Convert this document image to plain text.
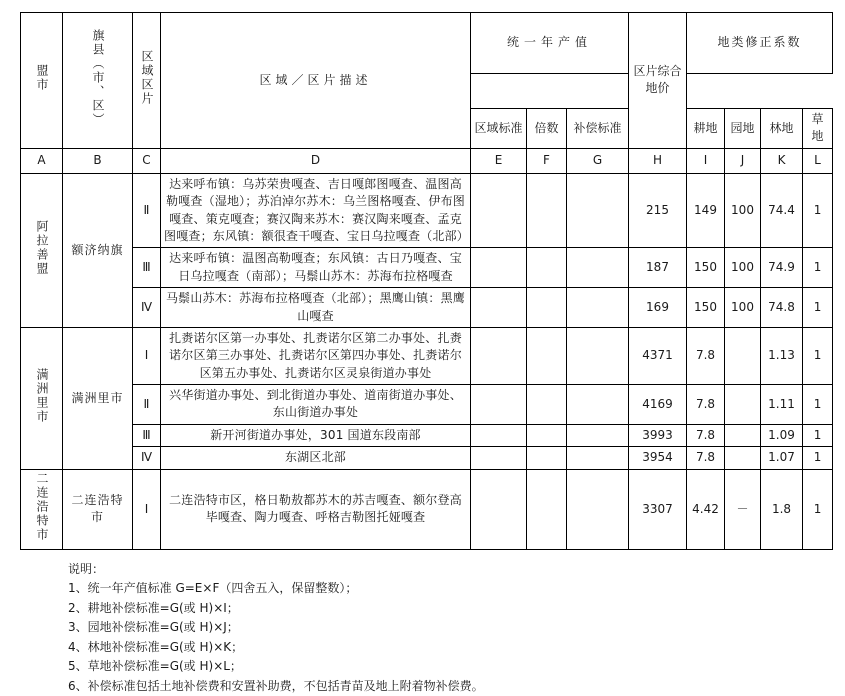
盟市	旗县（市、区）	区域区片	区域／区片描述	统一年产值			区片综合地价	地类修正系数			

				区域标准	倍数	补偿标准		耕地	园地	林地	草地
A	B	C	D	E	F	G	H	I	J	K	L
阿拉善盟	额济纳旗	Ⅱ	达来呼布镇：乌苏荣贵嘎查、吉日嘎郎图嘎查、温图高勒嘎查（湿地）；苏泊淖尔苏木：乌兰图格嘎查、伊布图嘎查、策克嘎查；赛汉陶来苏木：赛汉陶来嘎查、孟克图嘎查；东风镇：额很查干嘎查、宝日乌拉嘎查（北部）				215	149	100	74.4	1
		Ⅲ	达来呼布镇：温图高勒嘎查；东风镇：古日乃嘎查、宝日乌拉嘎查（南部）；马鬃山苏木：苏海布拉格嘎查				187	150	100	74.9	1
		Ⅳ	马鬃山苏木：苏海布拉格嘎查（北部）；黑鹰山镇：黑鹰山嘎查				169	150	100	74.8	1
满洲里市	满洲里市	Ⅰ	扎赉诺尔区第一办事处、扎赉诺尔区第二办事处、扎赉诺尔区第三办事处、扎赉诺尔区第四办事处、扎赉诺尔区第五办事处、扎赉诺尔区灵泉街道办事处				4371	7.8		1.13	1
		Ⅱ	兴华街道办事处、到北街道办事处、道南街道办事处、东山街道办事处				4169	7.8		1.11	1
		Ⅲ	新开河街道办事处，301 国道东段南部				3993	7.8		1.09	1
		Ⅳ	东湖区北部				3954	7.8		1.07	1
二连浩特市	二连浩特市	Ⅰ	二连浩特市区，格日勒敖都苏木的苏吉嘎查、额尔登高毕嘎查、陶力嘎查、呼格吉勒图托娅嘎查				3307	4.42	－	1.8	1
说明：
1、统一年产值标准 G=E×F（四舍五入，保留整数）；
2、耕地补偿标准=G(或 H)×I；
3、园地补偿标准=G(或 H)×J；
4、林地补偿标准=G(或 H)×K；
5、草地补偿标准=G(或 H)×L；
6、补偿标准包括土地补偿费和安置补助费，不包括青苗及地上附着物补偿费。
